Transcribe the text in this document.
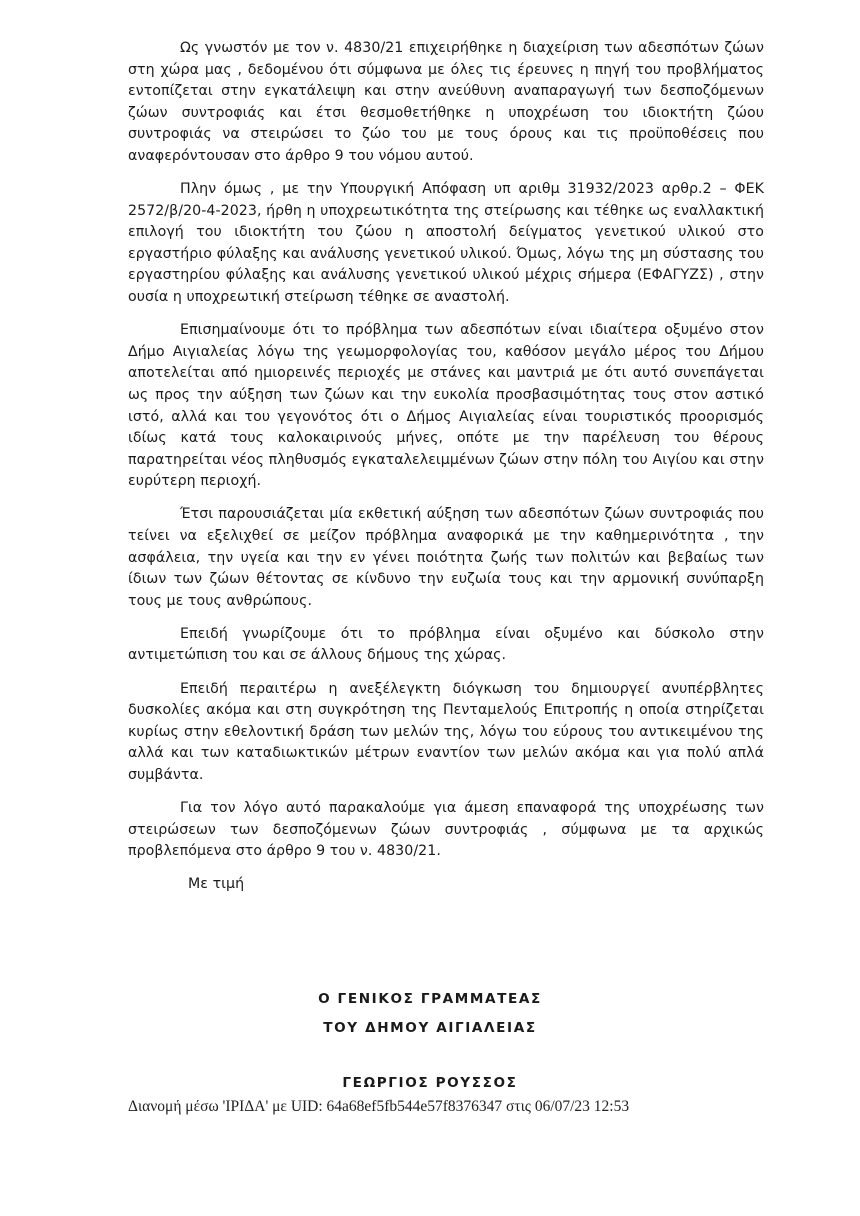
Ως γνωστόν με τον ν. 4830/21 επιχειρήθηκε η διαχείριση των αδεσπότων ζώων στη χώρα μας , δεδομένου ότι σύμφωνα με όλες τις έρευνες η πηγή του προβλήματος εντοπίζεται στην εγκατάλειψη και στην ανεύθυνη αναπαραγωγή των δεσποζόμενων ζώων συντροφιάς και έτσι θεσμοθετήθηκε η υποχρέωση του ιδιοκτήτη ζώου συντροφιάς να στειρώσει το ζώο του με τους όρους και τις προϋποθέσεις που αναφερόντουσαν στο άρθρο 9 του νόμου αυτού.

Πλην όμως , με την Υπουργική Απόφαση υπ αριθμ 31932/2023 αρθρ.2 – ΦΕΚ 2572/β/20-4-2023, ήρθη η υποχρεωτικότητα της στείρωσης και τέθηκε ως εναλλακτική επιλογή του ιδιοκτήτη του ζώου η αποστολή δείγματος γενετικού υλικού στο εργαστήριο φύλαξης και ανάλυσης γενετικού υλικού. Όμως, λόγω της μη σύστασης του εργαστηρίου φύλαξης και ανάλυσης γενετικού υλικού μέχρις σήμερα (ΕΦΑΓΥΖΣ) , στην ουσία η υποχρεωτική στείρωση τέθηκε σε αναστολή.

Επισημαίνουμε ότι το πρόβλημα των αδεσπότων είναι ιδιαίτερα οξυμένο στον Δήμο Αιγιαλείας λόγω της γεωμορφολογίας του, καθόσον μεγάλο μέρος του Δήμου αποτελείται από ημιορεινές περιοχές με στάνες και μαντριά με ότι αυτό συνεπάγεται ως προς την αύξηση των ζώων και την ευκολία προσβασιμότητας τους στον αστικό ιστό, αλλά και του γεγονότος ότι ο Δήμος Αιγιαλείας είναι τουριστικός προορισμός ιδίως κατά τους καλοκαιρινούς μήνες, οπότε με την παρέλευση του θέρους παρατηρείται νέος πληθυσμός εγκαταλελειμμένων ζώων στην πόλη του Αιγίου και στην ευρύτερη περιοχή.

Έτσι παρουσιάζεται μία εκθετική αύξηση των αδεσπότων ζώων συντροφιάς που τείνει να εξελιχθεί σε μείζον πρόβλημα αναφορικά με την καθημερινότητα , την ασφάλεια, την υγεία και την εν γένει ποιότητα ζωής των πολιτών και βεβαίως των ίδιων των ζώων θέτοντας σε κίνδυνο την ευζωία τους και την αρμονική συνύπαρξη τους με τους ανθρώπους.

Επειδή γνωρίζουμε ότι το πρόβλημα είναι οξυμένο και δύσκολο στην αντιμετώπιση του και σε άλλους δήμους της χώρας.

Επειδή περαιτέρω η ανεξέλεγκτη διόγκωση του δημιουργεί ανυπέρβλητες δυσκολίες ακόμα και στη συγκρότηση της Πενταμελούς Επιτροπής η οποία στηρίζεται κυρίως στην εθελοντική δράση των μελών της, λόγω του εύρους του αντικειμένου της αλλά και των καταδιωκτικών μέτρων εναντίον των μελών ακόμα και για πολύ απλά συμβάντα.

Για τον λόγο αυτό παρακαλούμε για άμεση επαναφορά της υποχρέωσης των στειρώσεων των δεσποζόμενων ζώων συντροφιάς , σύμφωνα με τα αρχικώς προβλεπόμενα στο άρθρο 9 του ν. 4830/21.

Με τιμή

Ο ΓΕΝΙΚΟΣ ΓΡΑΜΜΑΤΕΑΣ
ΤΟΥ ΔΗΜΟΥ ΑΙΓΙΑΛΕΙΑΣ
ΓΕΩΡΓΙΟΣ ΡΟΥΣΣΟΣ
Διανομή μέσω 'ΙΡΙΔΑ' με UID: 64a68ef5fb544e57f8376347 στις 06/07/23 12:53
